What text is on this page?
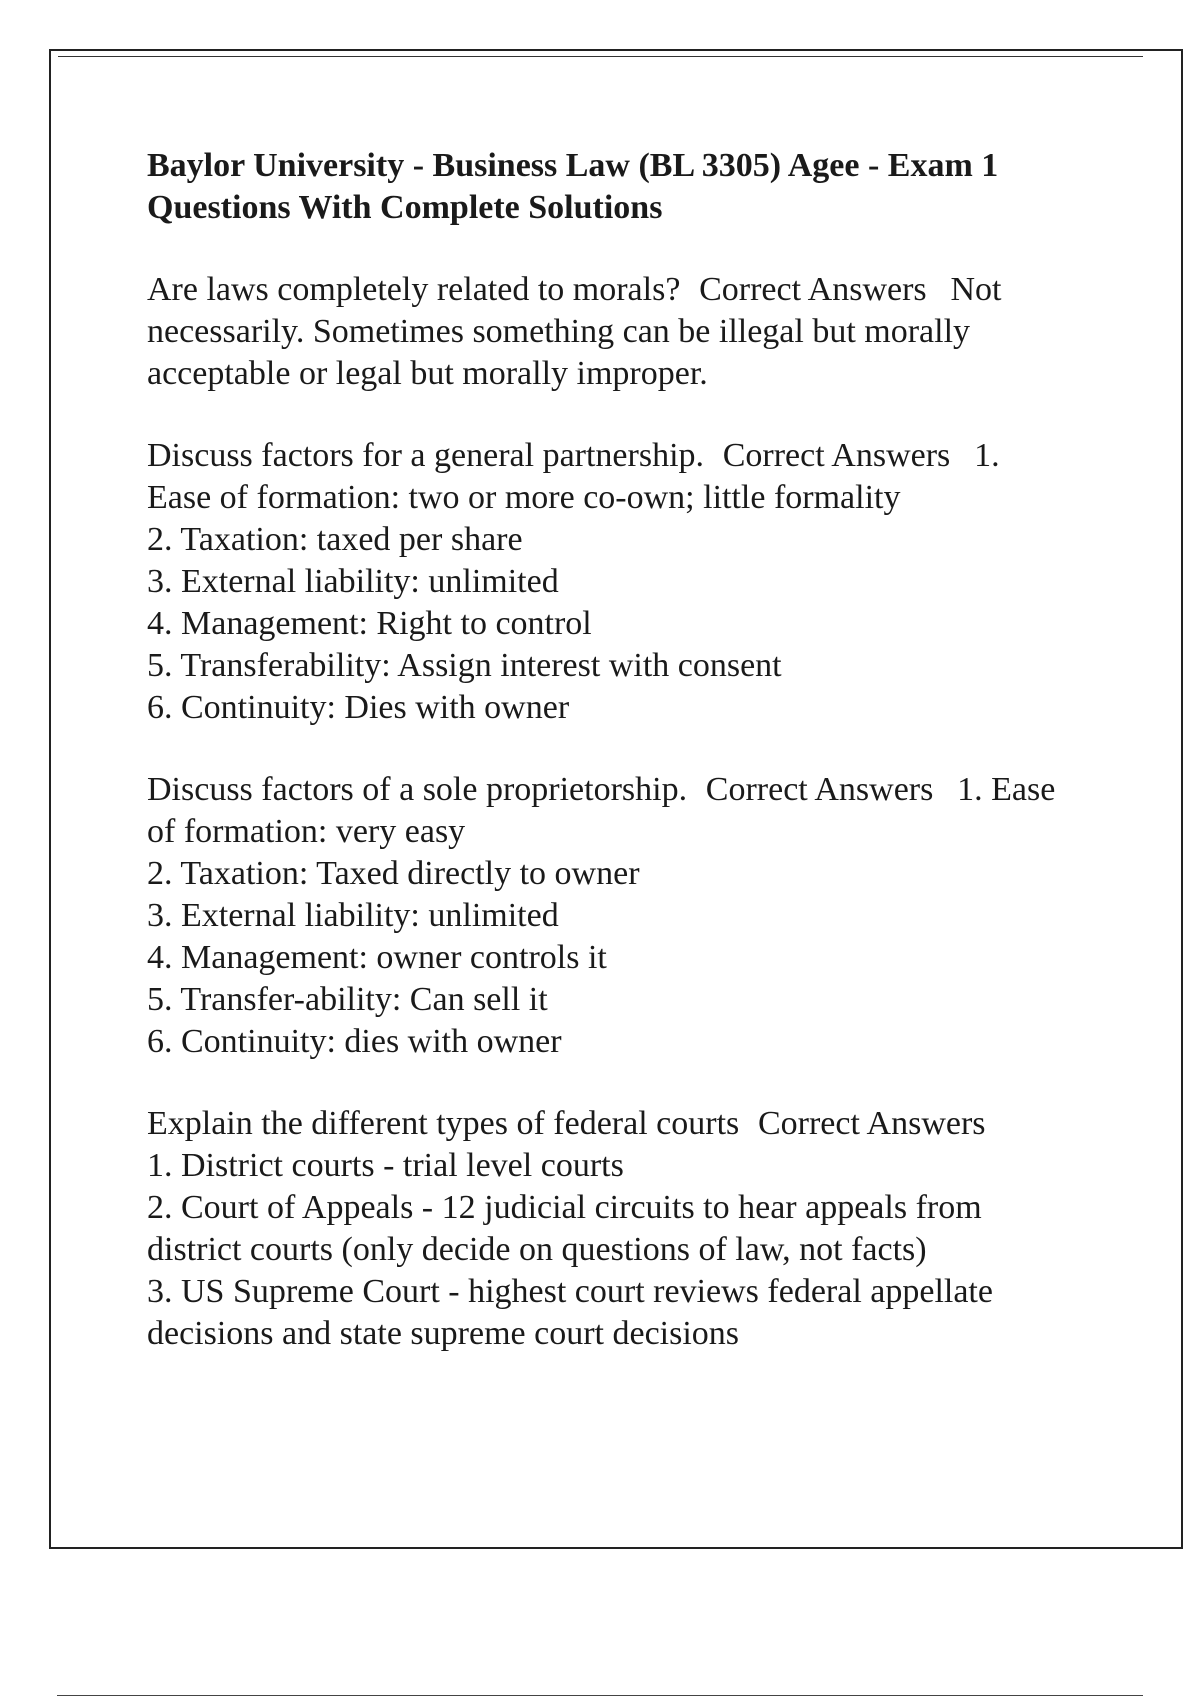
Baylor University - Business Law (BL 3305) Agee - Exam 1 Questions With Complete Solutions

Are laws completely related to morals? Correct Answers Not necessarily. Sometimes something can be illegal but morally acceptable or legal but morally improper.

Discuss factors for a general partnership. Correct Answers 1. Ease of formation: two or more co-own; little formality

2. Taxation: taxed per share
3. External liability: unlimited
4. Management: Right to control
5. Transferability: Assign interest with consent
6. Continuity: Dies with owner

Discuss factors of a sole proprietorship. Correct Answers 1. Ease of formation: very easy

2. Taxation: Taxed directly to owner
3. External liability: unlimited
4. Management: owner controls it
5. Transfer-ability: Can sell it
6. Continuity: dies with owner

Explain the different types of federal courts Correct Answers

1. District courts - trial level courts
2. Court of Appeals - 12 judicial circuits to hear appeals from district courts (only decide on questions of law, not facts)
3. US Supreme Court - highest court reviews federal appellate decisions and state supreme court decisions
